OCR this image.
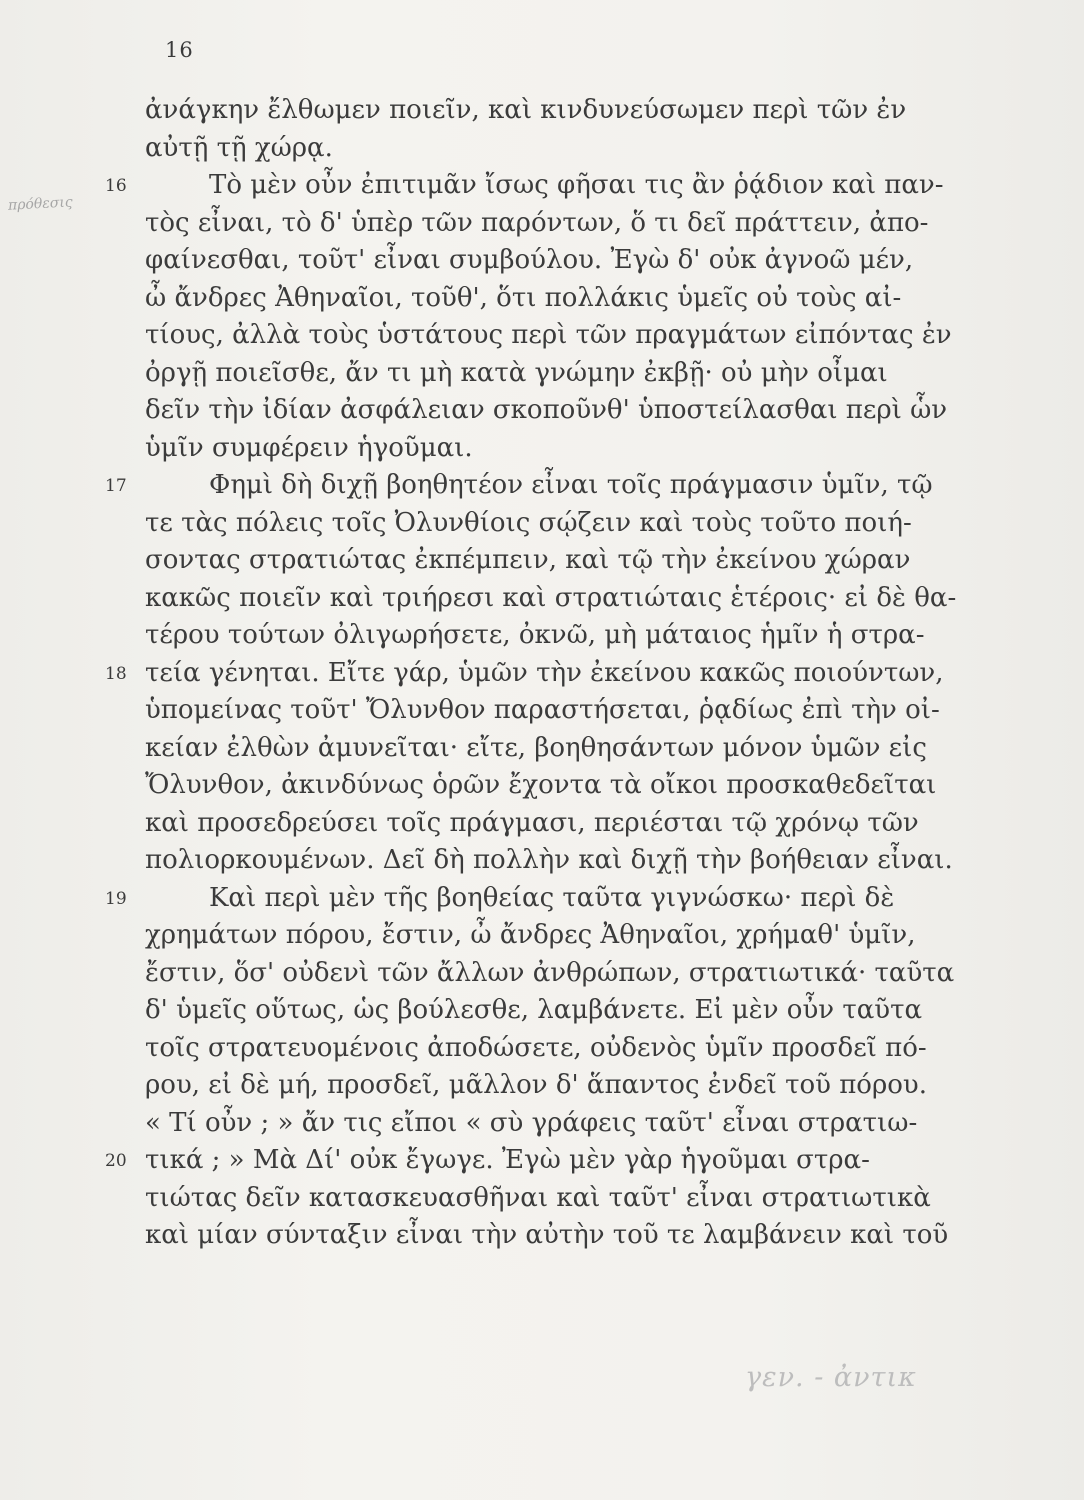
16
πρόθεσις
ἀνάγκην ἔλθωμεν ποιεῖν, καὶ κινδυνεύσωμεν περὶ τῶν ἐν
αὐτῇ τῇ χώρᾳ.
16	Τὸ μὲν οὖν ἐπιτιμᾶν ἴσως φῆσαι τις ἂν ῥᾴδιον καὶ παν-
τὸς εἶναι, τὸ δ' ὑπὲρ τῶν παρόντων, ὅ τι δεῖ πράττειν, ἀπο-
φαίνεσθαι, τοῦτ' εἶναι συμβούλου. Ἐγὼ δ' οὐκ ἀγνοῶ μέν,
ὦ ἄνδρες Ἀθηναῖοι, τοῦθ', ὅτι πολλάκις ὑμεῖς οὐ τοὺς αἰ-
τίους, ἀλλὰ τοὺς ὑστάτους περὶ τῶν πραγμάτων εἰπόντας ἐν
ὀργῇ ποιεῖσθε, ἄν τι μὴ κατὰ γνώμην ἐκβῇ· οὐ μὴν οἶμαι
δεῖν τὴν ἰδίαν ἀσφάλειαν σκοποῦνθ' ὑποστείλασθαι περὶ ὧν
ὑμῖν συμφέρειν ἡγοῦμαι.
17	Φημὶ δὴ διχῇ βοηθητέον εἶναι τοῖς πράγμασιν ὑμῖν, τῷ
τε τὰς πόλεις τοῖς Ὀλυνθίοις σῴζειν καὶ τοὺς τοῦτο ποιή-
σοντας στρατιώτας ἐκπέμπειν, καὶ τῷ τὴν ἐκείνου χώραν
κακῶς ποιεῖν καὶ τριήρεσι καὶ στρατιώταις ἑτέροις· εἰ δὲ θα-
τέρου τούτων ὀλιγωρήσετε, ὀκνῶ, μὴ μάταιος ἡμῖν ἡ στρα-
18 τεία γένηται. Εἴτε γάρ, ὑμῶν τὴν ἐκείνου κακῶς ποιούντων,
ὑπομείνας τοῦτ' Ὄλυνθον παραστήσεται, ῥᾳδίως ἐπὶ τὴν οἰ-
κείαν ἐλθὼν ἀμυνεῖται· εἴτε, βοηθησάντων μόνον ὑμῶν εἰς
Ὄλυνθον, ἀκινδύνως ὁρῶν ἔχοντα τὰ οἴκοι προσκαθεδεῖται
καὶ προσεδρεύσει τοῖς πράγμασι, περιέσται τῷ χρόνῳ τῶν
πολιορκουμένων. Δεῖ δὴ πολλὴν καὶ διχῇ τὴν βοήθειαν εἶναι.
19	Καὶ περὶ μὲν τῆς βοηθείας ταῦτα γιγνώσκω· περὶ δὲ
χρημάτων πόρου, ἔστιν, ὦ ἄνδρες Ἀθηναῖοι, χρήμαθ' ὑμῖν,
ἔστιν, ὅσ' οὐδενὶ τῶν ἄλλων ἀνθρώπων, στρατιωτικά· ταῦτα
δ' ὑμεῖς οὕτως, ὡς βούλεσθε, λαμβάνετε. Εἰ μὲν οὖν ταῦτα
τοῖς στρατευομένοις ἀποδώσετε, οὐδενὸς ὑμῖν προσδεῖ πό-
ρου, εἰ δὲ μή, προσδεῖ, μᾶλλον δ' ἅπαντος ἐνδεῖ τοῦ πόρου.
« Τί οὖν ; » ἄν τις εἴποι « σὺ γράφεις ταῦτ' εἶναι στρατιω-
20 τικά ; » Μὰ Δί' οὐκ ἔγωγε. Ἐγὼ μὲν γὰρ ἡγοῦμαι στρα-
τιώτας δεῖν κατασκευασθῆναι καὶ ταῦτ' εἶναι στρατιωτικὰ
καὶ μίαν σύνταξιν εἶναι τὴν αὐτὴν τοῦ τε λαμβάνειν καὶ τοῦ
γεν. - ἀντικ
